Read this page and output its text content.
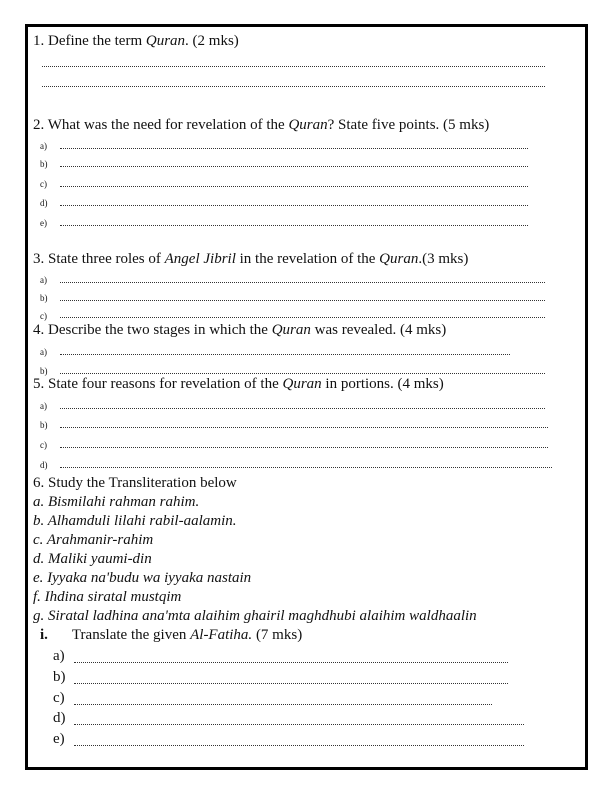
1. Define the term Quran. (2 mks)
2. What was the need for revelation of the Quran? State five points. (5 mks)
a)
b)
c)
d)
e)
3. State three roles of Angel Jibril in the revelation of the Quran.(3 mks)
a)
b)
c)
4. Describe the two stages in which the Quran was revealed. (4 mks)
a)
b)
5. State four reasons for revelation of the Quran in portions. (4 mks)
a)
b)
c)
d)
6. Study the Transliteration below
a. Bismilahi rahman rahim.
b. Alhamduli lilahi rabil-aalamin.
c. Arahmanir-rahim
d. Maliki yaumi-din
e. Iyyaka na'budu wa iyyaka nastain
f. Ihdina siratal mustqim
g. Siratal ladhina ana'mta alaihim ghairil maghdhubi alaihim waldhaalin
i. Translate the given Al-Fatiha. (7 mks)
a)
b)
c)
d)
e)
